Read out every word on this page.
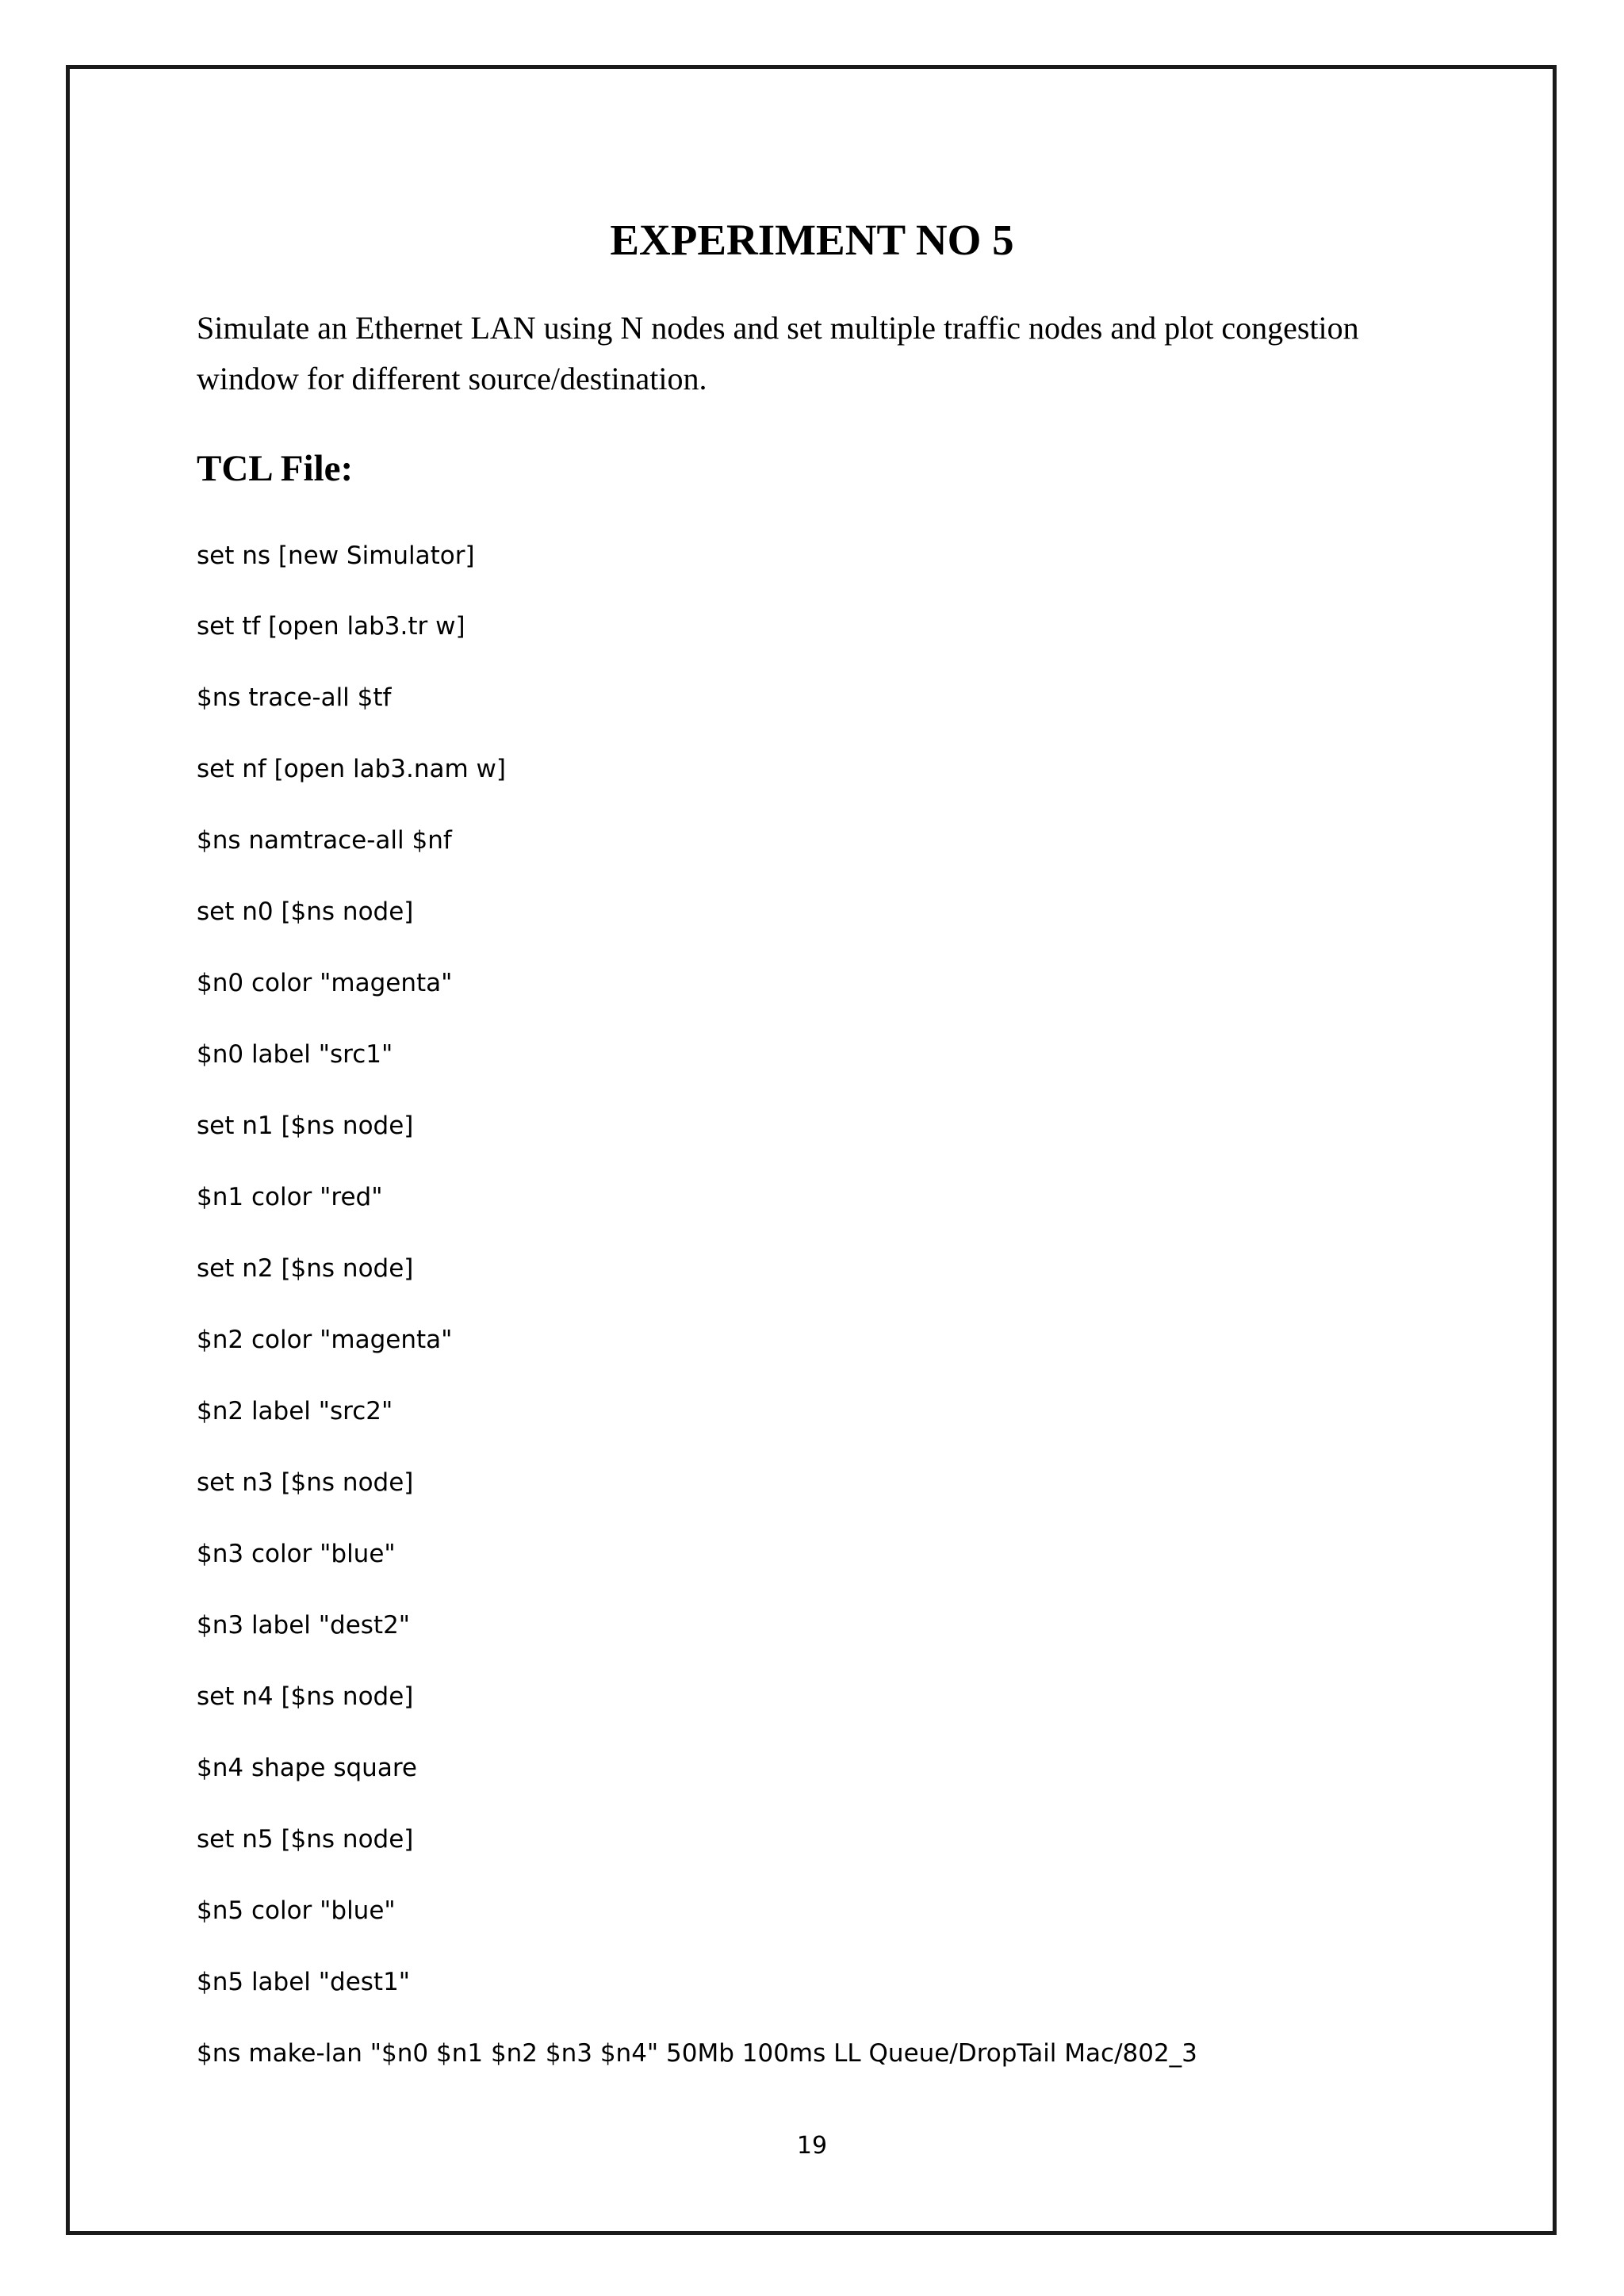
EXPERIMENT NO 5

Simulate an Ethernet LAN using N nodes and set multiple traffic nodes and plot congestion window for different source/destination.

TCL File:
set ns [new Simulator]
set tf [open lab3.tr w]
$ns trace-all $tf
set nf [open lab3.nam w]
$ns namtrace-all $nf
set n0 [$ns node]
$n0 color "magenta"
$n0 label "src1"
set n1 [$ns node]
$n1 color "red"
set n2 [$ns node]
$n2 color "magenta"
$n2 label "src2"
set n3 [$ns node]
$n3 color "blue"
$n3 label "dest2"
set n4 [$ns node]
$n4 shape square
set n5 [$ns node]
$n5 color "blue"
$n5 label "dest1"
$ns make-lan "$n0 $n1 $n2 $n3 $n4" 50Mb 100ms LL Queue/DropTail Mac/802_3
19
